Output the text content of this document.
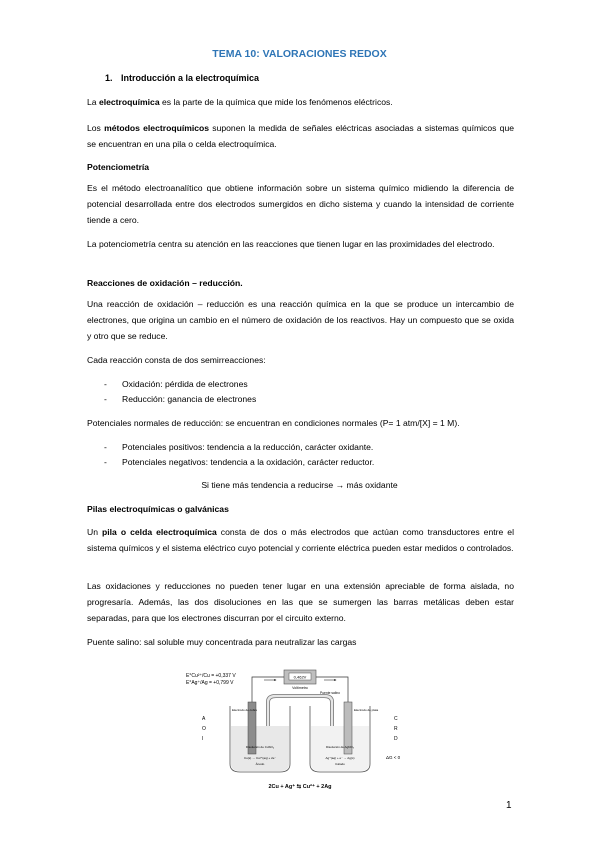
TEMA 10: VALORACIONES REDOX
1. Introducción a la electroquímica
La electroquímica es la parte de la química que mide los fenómenos eléctricos.
Los métodos electroquímicos suponen la medida de señales eléctricas asociadas a sistemas químicos que se encuentran en una pila o celda electroquímica.
Potenciometría
Es el método electroanalítico que obtiene información sobre un sistema químico midiendo la diferencia de potencial desarrollada entre dos electrodos sumergidos en dicho sistema y cuando la intensidad de corriente tiende a cero.
La potenciometría centra su atención en las reacciones que tienen lugar en las proximidades del electrodo.
Reacciones de oxidación – reducción.
Una reacción de oxidación – reducción es una reacción química en la que se produce un intercambio de electrones, que origina un cambio en el número de oxidación de los reactivos. Hay un compuesto que se oxida y otro que se reduce.
Cada reacción consta de dos semirreacciones:
- Oxidación: pérdida de electrones
- Reducción: ganancia de electrones
Potenciales normales de reducción: se encuentran en condiciones normales (P= 1 atm/[X] = 1 M).
- Potenciales positivos: tendencia a la reducción, carácter oxidante.
- Potenciales negativos: tendencia a la oxidación, carácter reductor.
Si tiene más tendencia a reducirse → más oxidante
Pilas electroquímicas o galvánicas
Un pila o celda electroquímica consta de dos o más electrodos que actúan como transductores entre el sistema químicos y el sistema eléctrico cuyo potencial y corriente eléctrica pueden estar medidos o controlados.
Las oxidaciones y reducciones no pueden tener lugar en una extensión apreciable de forma aislada, no progresaría. Además, las dos disoluciones en las que se sumergen las barras metálicas deben estar separadas, para que los electrones discurran por el circuito externo.
Puente salino: sal soluble muy concentrada para neutralizar las cargas
E°Cu²⁺/Cu = +0,337 V
E°Ag⁺/Ag = +0,799 V
0,462V
Voltímetro
Puente salino
Disolución saturada de KCl
A
O
I
C
R
D
Electrodo de cobre	Electrodo de plata
Disolución de CuSO₄	Disolución de AgNO₃
Cu(s) → Cu²⁺(aq) + 2e⁻	Ag⁺(aq) + e⁻ → Ag(s)
Ánodo	Cátodo
ΔG < 0
2Cu + Ag⁺ ⇆ Cu²⁺ + 2Ag
1
